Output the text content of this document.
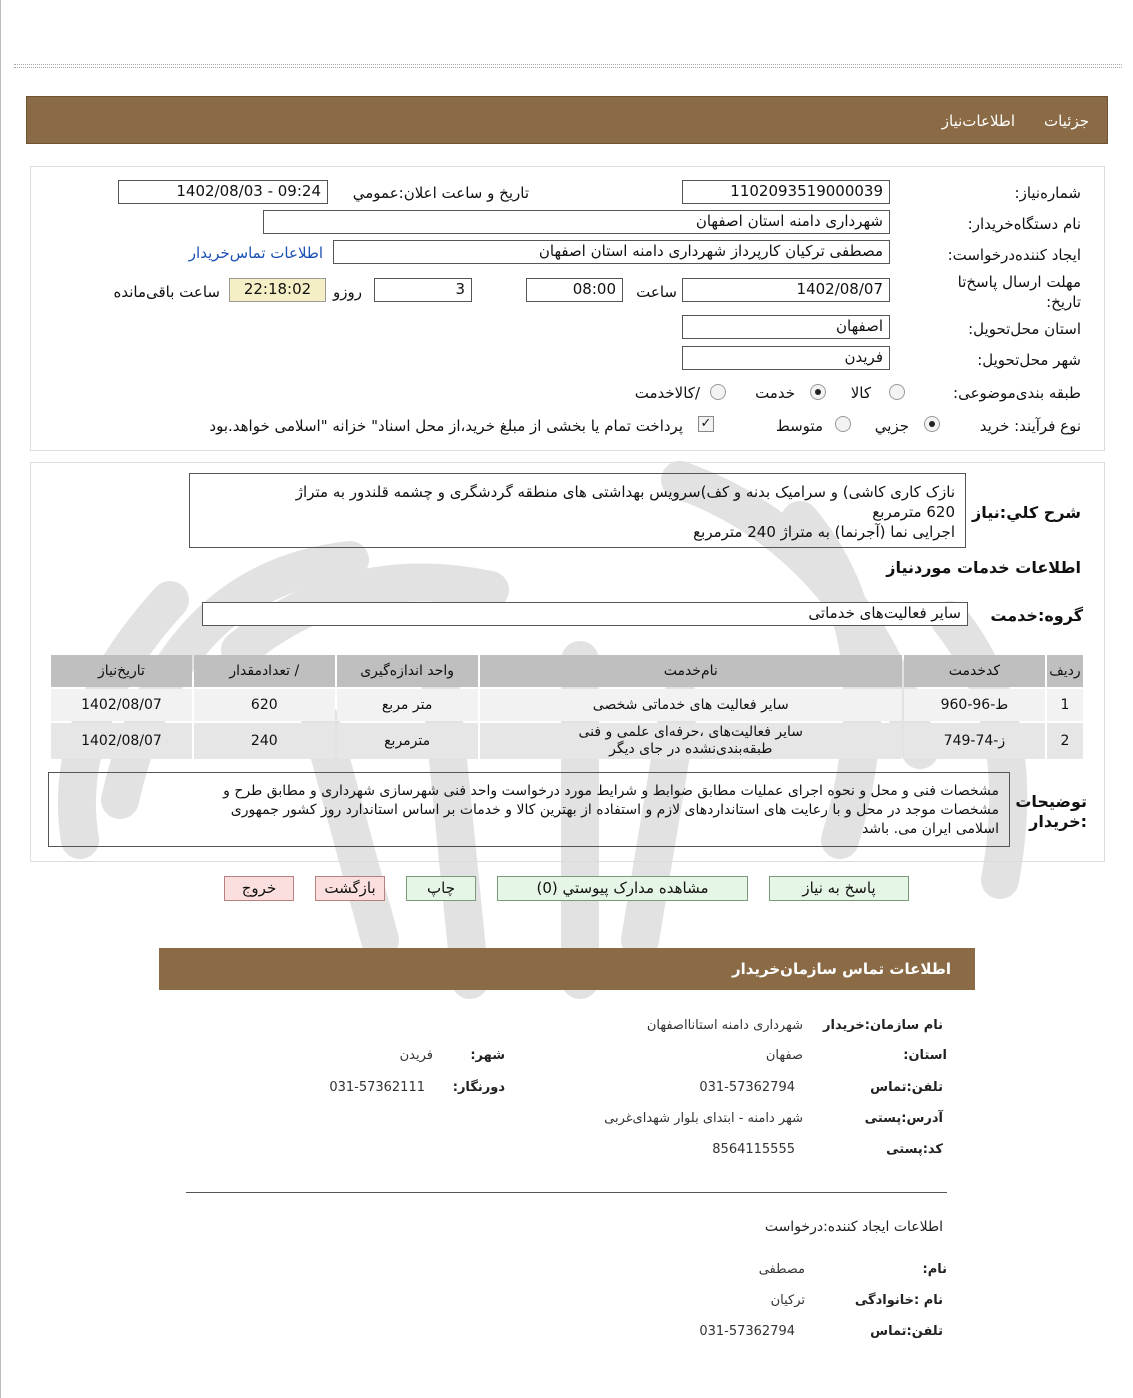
جزئیات
اطلاعات‌نیاز
شماره‌نیاز:
1102093519000039
تاريخ و ساعت اعلان:عمومي
1402/08/03 - 09:24
نام دستگاه‌خریدار:
شهرداری دامنه استان اصفهان
ایجاد کننده‌درخواست:
مصطفی ترکیان کارپرداز شهرداری دامنه استان اصفهان
اطلاعات تماس‌خریدار
مهلت ارسال پاسخ‌تا تاریخ:
1402/08/07
ساعت
08:00
3
روزو
22:18:02
ساعت باقی‌مانده
استان محل‌تحویل:
اصفهان
شهر محل‌تحویل:
فریدن
طبقه بندی‌موضوعی:
کالا
خدمت
/کالاخدمت
نوع فرآیند: خرید
جزیي
متوسط
✓
پرداخت تمام یا بخشی از مبلغ خرید،از محل اسناد" خزانه "اسلامی خواهد.بود
شرح کلي:نياز
نازک کاری کاشی) و سرامیک بدنه و کف)سرویس بهداشتی های منطقه گردشگری و چشمه قلندور به متراژ
620 مترمربع
اجرایی نما (آجرنما) به متراژ 240 مترمربع
اطلاعات خدمات موردنیاز
گروه‌:خدمت
سایر فعالیت‌های خدماتی
رديف	کدخدمت	نام‌خدمت	واحد اندازه‌گیری	/ تعدادمقدار	تاريخ‌نياز
1	ط-96-960	سایر فعالیت های خدماتی شخصی	متر مربع	620	1402/08/07
2	ز-74-749	سایر فعالیت‌های ،حرفه‌ای علمی و فنی
طبقه‌بندی‌نشده در جای دیگر	مترمربع	240	1402/08/07
توضیحات :خریدار
مشخصات فنی و محل و نحوه اجرای عملیات مطابق ضوابط و شرایط مورد درخواست واحد فنی شهرسازی شهرداری و مطابق طرح و
مشخصات موجد در محل و با رعایت های استانداردهای لازم و استفاده از بهترین کالا و خدمات بر اساس استاندارد روز کشور جمهوری
اسلامی ایران می. باشد
پاسخ به نیاز
مشاهده مدارک پیوستي (0)
چاپ
بازگشت
خروج
اطلاعات تماس سازمان‌خریدار
نام سازمان:خریدار
شهرداری دامنه استانااصفهان
استان:
صفهان
شهر:
فریدن
تلفن:تماس
031-57362794
دورنگار:
031-57362111
آدرس:پستی
شهر دامنه - ابتدای بلوار شهدای‌غربی
کد:پستی
8564115555
اطلاعات ایجاد کننده:درخواست
نام:
مصطفی
نام :خانوادگی
ترکیان
تلفن:تماس
031-57362794
